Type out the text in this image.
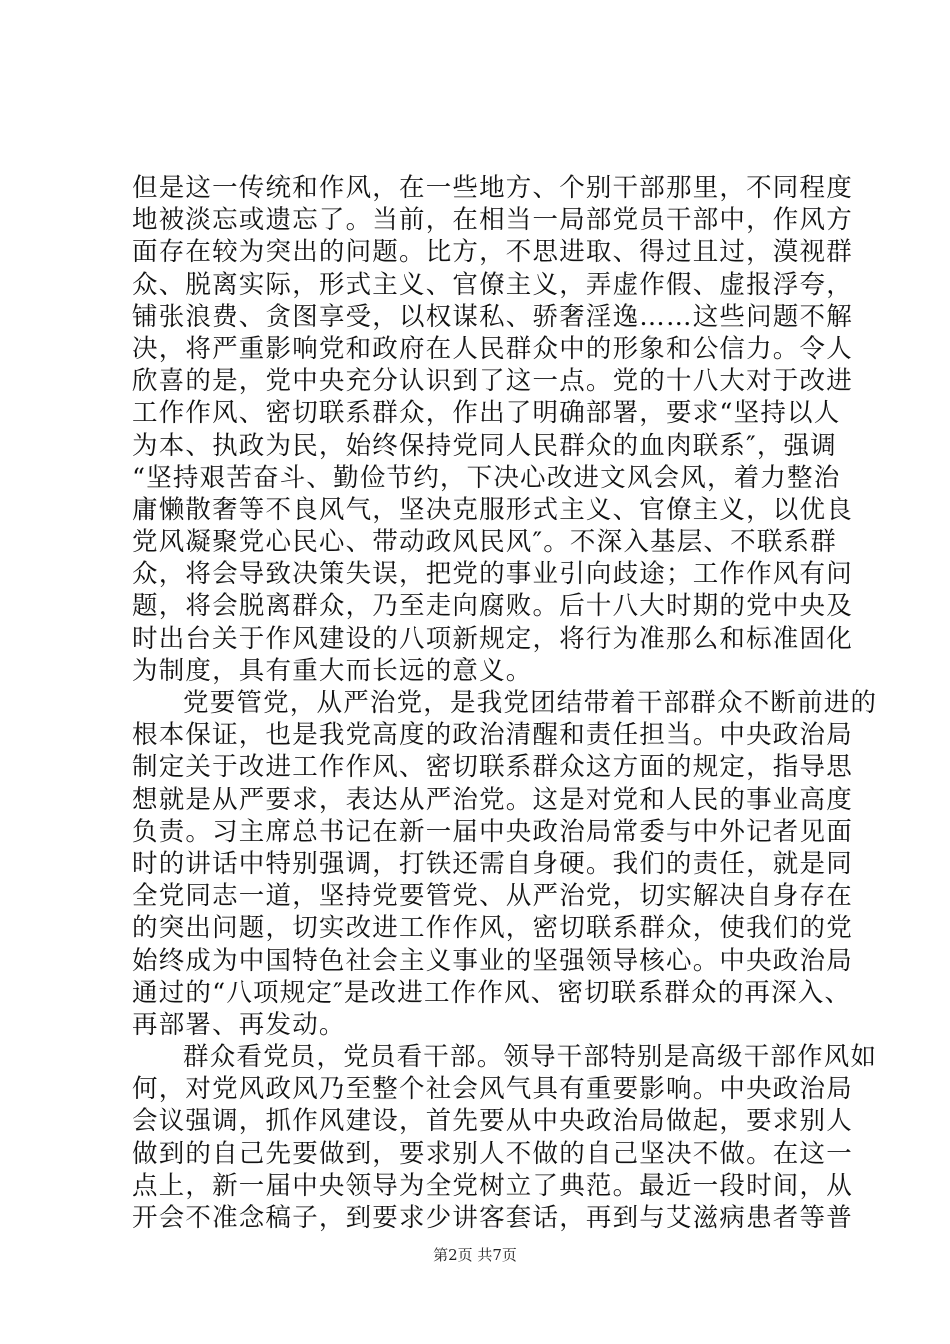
但是这一传统和作风，在一些地方、个别干部那里，不同程度
地被淡忘或遗忘了。当前，在相当一局部党员干部中，作风方
面存在较为突出的问题。比方，不思进取、得过且过，漠视群
众、脱离实际，形式主义、官僚主义，弄虚作假、虚报浮夸，
铺张浪费、贪图享受，以权谋私、骄奢淫逸……这些问题不解
决，将严重影响党和政府在人民群众中的形象和公信力。令人
欣喜的是，党中央充分认识到了这一点。党的十八大对于改进
工作作风、密切联系群众，作出了明确部署，要求“坚持以人
为本、执政为民，始终保持党同人民群众的血肉联系″，强调
“坚持艰苦奋斗、勤俭节约，下决心改进文风会风，着力整治
庸懒散奢等不良风气，坚决克服形式主义、官僚主义，以优良
党风凝聚党心民心、带动政风民风″。不深入基层、不联系群
众，将会导致决策失误，把党的事业引向歧途；工作作风有问
题，将会脱离群众，乃至走向腐败。后十八大时期的党中央及
时出台关于作风建设的八项新规定，将行为准那么和标准固化
为制度，具有重大而长远的意义。
党要管党，从严治党，是我党团结带着干部群众不断前进的
根本保证，也是我党高度的政治清醒和责任担当。中央政治局
制定关于改进工作作风、密切联系群众这方面的规定，指导思
想就是从严要求，表达从严治党。这是对党和人民的事业高度
负责。习主席总书记在新一届中央政治局常委与中外记者见面
时的讲话中特别强调，打铁还需自身硬。我们的责任，就是同
全党同志一道，坚持党要管党、从严治党，切实解决自身存在
的突出问题，切实改进工作作风，密切联系群众，使我们的党
始终成为中国特色社会主义事业的坚强领导核心。中央政治局
通过的“八项规定″是改进工作作风、密切联系群众的再深入、
再部署、再发动。
群众看党员，党员看干部。领导干部特别是高级干部作风如
何，对党风政风乃至整个社会风气具有重要影响。中央政治局
会议强调，抓作风建设，首先要从中央政治局做起，要求别人
做到的自己先要做到，要求别人不做的自己坚决不做。在这一
点上，新一届中央领导为全党树立了典范。最近一段时间，从
开会不准念稿子，到要求少讲客套话，再到与艾滋病患者等普
第2页 共7页
